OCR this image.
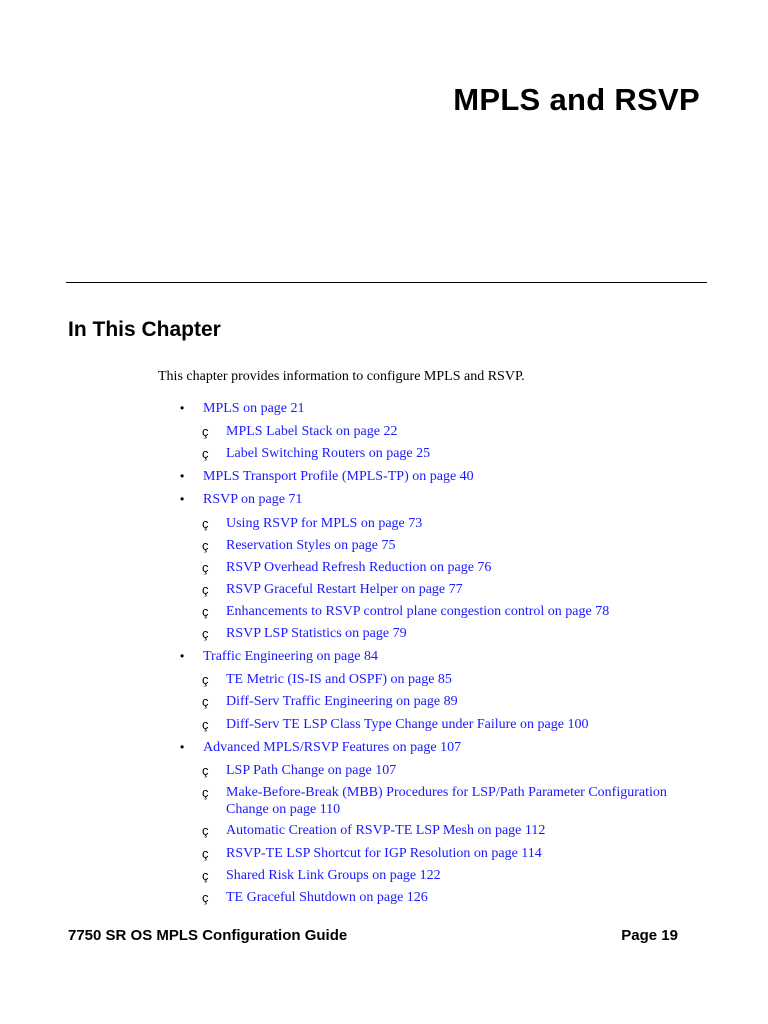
MPLS and RSVP
In This Chapter

This chapter provides information to configure MPLS and RSVP.

• MPLS on page 21
ç MPLS Label Stack on page 22
ç Label Switching Routers on page 25
• MPLS Transport Profile (MPLS-TP) on page 40
• RSVP on page 71
ç Using RSVP for MPLS on page 73
ç Reservation Styles on page 75
ç RSVP Overhead Refresh Reduction on page 76
ç RSVP Graceful Restart Helper on page 77
ç Enhancements to RSVP control plane congestion control on page 78
ç RSVP LSP Statistics on page 79
• Traffic Engineering on page 84
ç TE Metric (IS-IS and OSPF) on page 85
ç Diff-Serv Traffic Engineering on page 89
ç Diff-Serv TE LSP Class Type Change under Failure on page 100
• Advanced MPLS/RSVP Features on page 107
ç LSP Path Change on page 107
ç Make-Before-Break (MBB) Procedures for LSP/Path Parameter Configuration Change on page 110
ç Automatic Creation of RSVP-TE LSP Mesh on page 112
ç RSVP-TE LSP Shortcut for IGP Resolution on page 114
ç Shared Risk Link Groups on page 122
ç TE Graceful Shutdown on page 126

7750 SR OS MPLS Configuration Guide	Page 19
